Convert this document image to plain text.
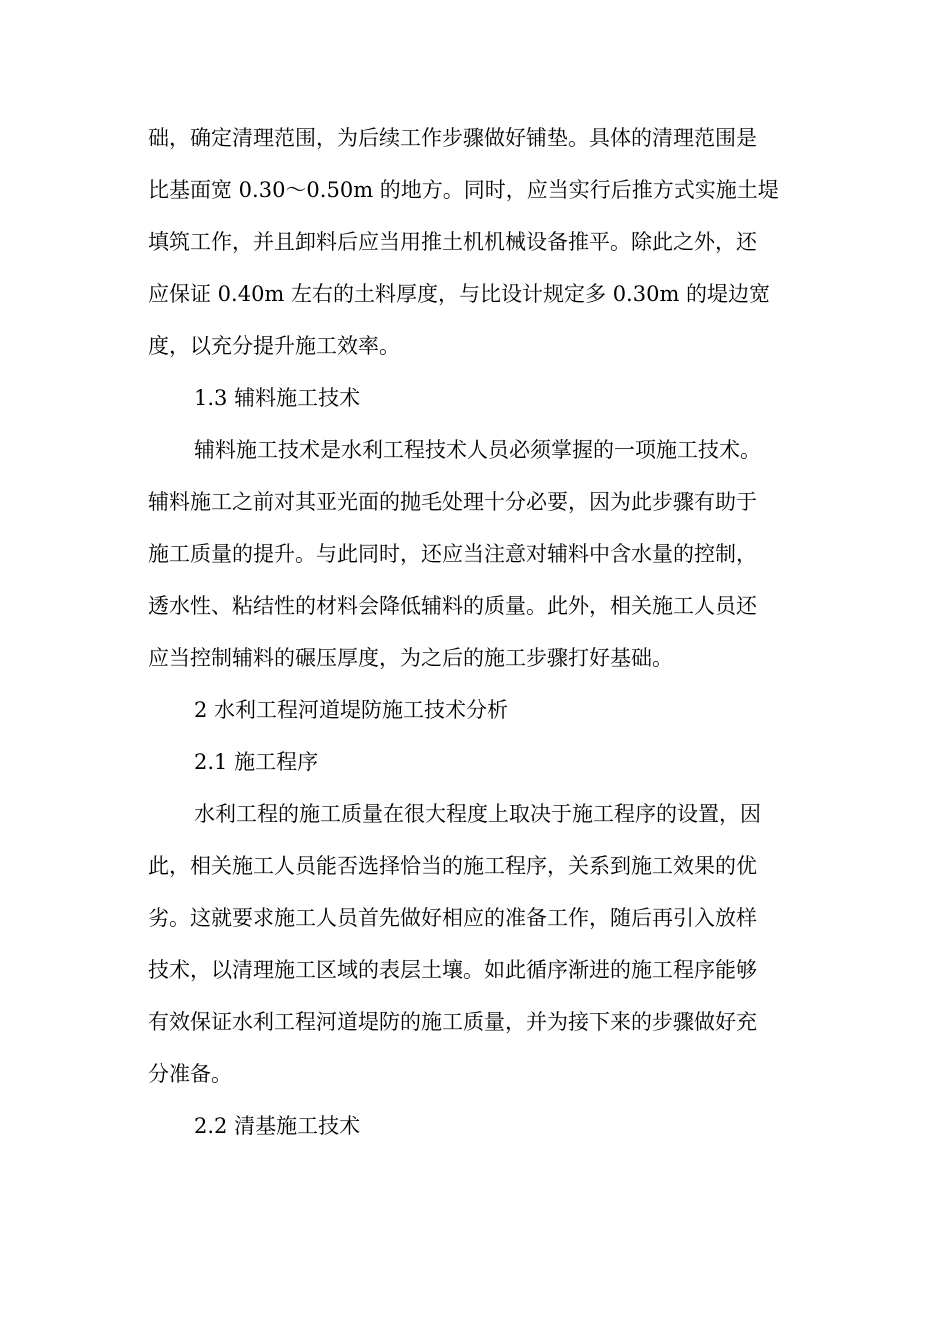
础，确定清理范围，为后续工作步骤做好铺垫。具体的清理范围是
比基面宽 0.30～0.50m 的地方。同时，应当实行后推方式实施土堤
填筑工作，并且卸料后应当用推土机机械设备推平。除此之外，还
应保证 0.40m 左右的土料厚度，与比设计规定多 0.30m 的堤边宽
度，以充分提升施工效率。
1.3 辅料施工技术
辅料施工技术是水利工程技术人员必须掌握的一项施工技术。
辅料施工之前对其亚光面的抛毛处理十分必要，因为此步骤有助于
施工质量的提升。与此同时，还应当注意对辅料中含水量的控制，
透水性、粘结性的材料会降低辅料的质量。此外，相关施工人员还
应当控制辅料的碾压厚度，为之后的施工步骤打好基础。
2 水利工程河道堤防施工技术分析
2.1 施工程序
水利工程的施工质量在很大程度上取决于施工程序的设置，因
此，相关施工人员能否选择恰当的施工程序，关系到施工效果的优
劣。这就要求施工人员首先做好相应的准备工作，随后再引入放样
技术，以清理施工区域的表层土壤。如此循序渐进的施工程序能够
有效保证水利工程河道堤防的施工质量，并为接下来的步骤做好充
分准备。
2.2 清基施工技术
